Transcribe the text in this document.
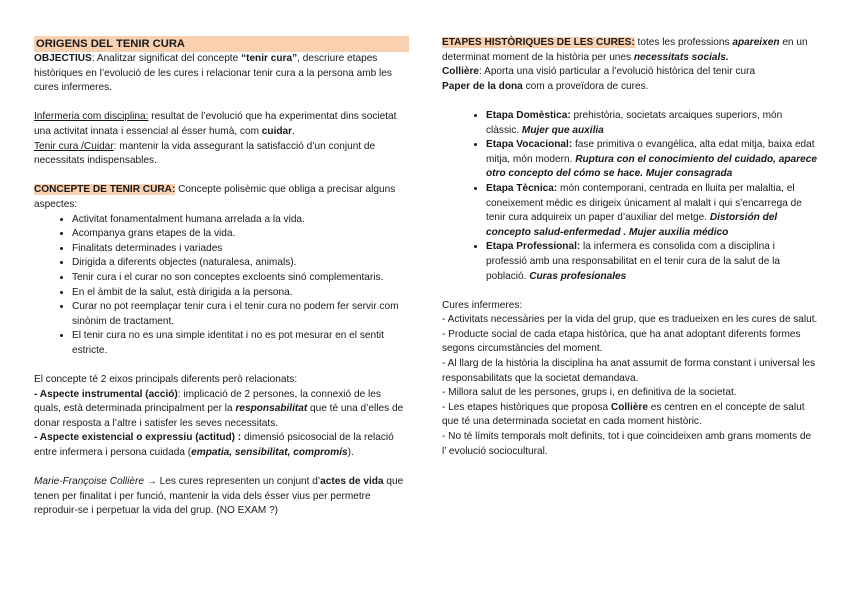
ORIGENS DEL TENIR CURA

OBJECTIUS: Analitzar significat del concepte “tenir cura”, descriure etapes històriques en l’evolució de les cures i relacionar tenir cura a la persona amb les cures infermeres.

Infermeria com disciplina: resultat de l’evolució que ha experimentat dins societat una activitat innata i essencial al ésser humà, com cuidar.

Tenir cura /Cuidar: mantenir la vida assegurant la satisfacció d’un conjunt de necessitats indispensables.

CONCEPTE DE TENIR CURA: Concepte polisèmic que obliga a precisar alguns aspectes:

• Activitat fonamentalment humana arrelada a la vida.
• Acompanya grans etapes de la vida.
• Finalitats determinades i variades
• Dirigida a diferents objectes (naturalesa, animals).
• Tenir cura i el curar no son conceptes excloents sinó complementaris.
• En el àmbit de la salut, està dirigida a la persona.
• Curar no pot reemplaçar tenir cura i el tenir cura no podem fer servir com sinònim de tractament.
• El tenir cura no es una simple identitat i no es pot mesurar en el sentit estricte.

El concepte té 2 eixos principals diferents però relacionats:

- Aspecte instrumental (acció): implicació de 2 persones, la connexió de les quals, està determinada principalment per la responsabilitat que té una d’elles de donar resposta a l’altre i satisfer les seves necessitats.

- Aspecte existencial o expressiu (actitud) : dimensió psicosocial de la relació entre infermera i persona cuidada (empatia, sensibilitat, compromís).

Marie-Françoise Collière → Les cures representen un conjunt d’actes de vida que tenen per finalitat i per funció, mantenir la vida dels ésser vius per permetre reproduir-se i perpetuar la vida del grup. (NO EXAM ?)

ETAPES HISTÒRIQUES DE LES CURES: totes les professions apareixen en un determinat moment de la història per unes necessitats socials.

Collière: Aporta una visió particular a l’evolució històrica del tenir cura
Paper de la dona com a proveïdora de cures.

• Etapa Domèstica: prehistòria, societats arcaiques superiors, món clàssic. Mujer que auxilia
• Etapa Vocacional: fase primitiva o evangèlica, alta edat mitja, baixa edat mitja, món modern. Ruptura con el conocimiento del cuidado, aparece otro concepto del cómo se hace. Mujer consagrada
• Etapa Tècnica: món contemporani, centrada en lluita per malaltia, el coneixement mèdic es dirigeix únicament al malalt i qui s’encarrega de tenir cura adquireix un paper d’auxiliar del metge. Distorsión del concepto salud-enfermedad . Mujer auxilia médico
• Etapa Professional: la infermera es consolida com a disciplina i professió amb una responsabilitat en el tenir cura de la salut de la població. Curas profesionales

Cures infermeres:

- Activitats necessàries per la vida del grup, que es tradueixen en les cures de salut.

- Producte social de cada etapa històrica, que ha anat adoptant diferents formes segons circumstàncies del moment.

- Al llarg de la història la disciplina ha anat assumit de forma constant i universal les responsabilitats que la societat demandava.

- Millora salut de les persones, grups i, en definitiva de la societat.

- Les etapes històriques que proposa Collière es centren en el concepte de salut que té una determinada societat en cada moment històric.

- No té límits temporals molt definits, tot i que coincideixen amb grans moments de l’ evolució sociocultural.
